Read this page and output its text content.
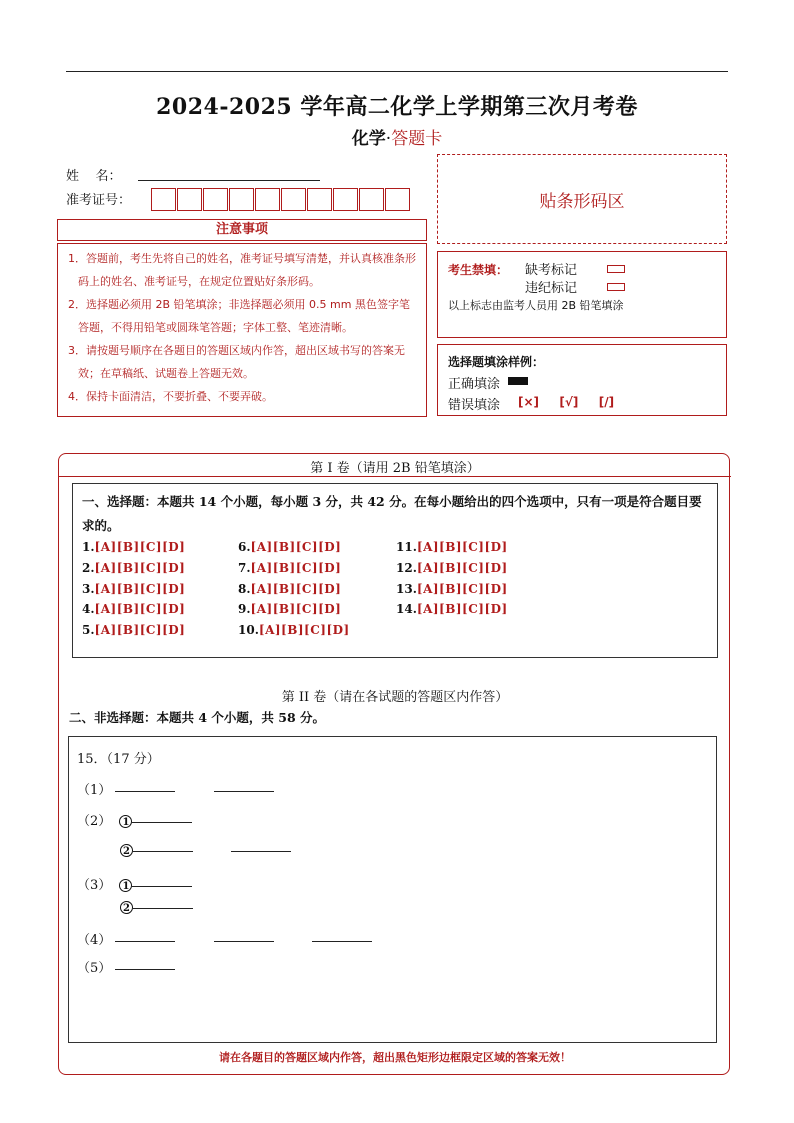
2024-2025 学年高二化学上学期第三次月考卷
化学·答题卡
姓    名：
准考证号：	贴条形码区
注意事项

1．答题前，考生先将自己的姓名，准考证号填写清楚，并认真核准条形码上的姓名、准考证号，在规定位置贴好条形码。

2．选择题必须用 2B 铅笔填涂；非选择题必须用 0.5 mm 黑色签字笔答题，不得用铅笔或圆珠笔答题；字体工整、笔迹清晰。

3．请按题号顺序在各题目的答题区域内作答，超出区域书写的答案无效；在草稿纸、试题卷上答题无效。

4．保持卡面清洁，不要折叠、不要弄破。

考生禁填： 缺考标记
违纪标记
以上标志由监考人员用 2B 铅笔填涂
选择题填涂样例：
正确填涂
错误填涂 [×]  [√]  [/]
第 I 卷（请用 2B 铅笔填涂）
一、选择题：本题共 14 个小题，每小题 3 分，共 42 分。在每小题给出的四个选项中，只有一项是符合题目要求的。
1.[A][B][C][D]
2.[A][B][C][D]
3.[A][B][C][D]
4.[A][B][C][D]
5.[A][B][C][D]
6.[A][B][C][D]
7.[A][B][C][D]
8.[A][B][C][D]
9.[A][B][C][D]
10.[A][B][C][D]
11.[A][B][C][D]
12.[A][B][C][D]
13.[A][B][C][D]
14.[A][B][C][D]
第 II 卷（请在各试题的答题区内作答）
二、非选择题：本题共 4 个小题，共 58 分。
15．（17 分）
（1）
（2） 1
2
（3） 1
2
（4）
（5）
请在各题目的答题区域内作答，超出黑色矩形边框限定区域的答案无效！
